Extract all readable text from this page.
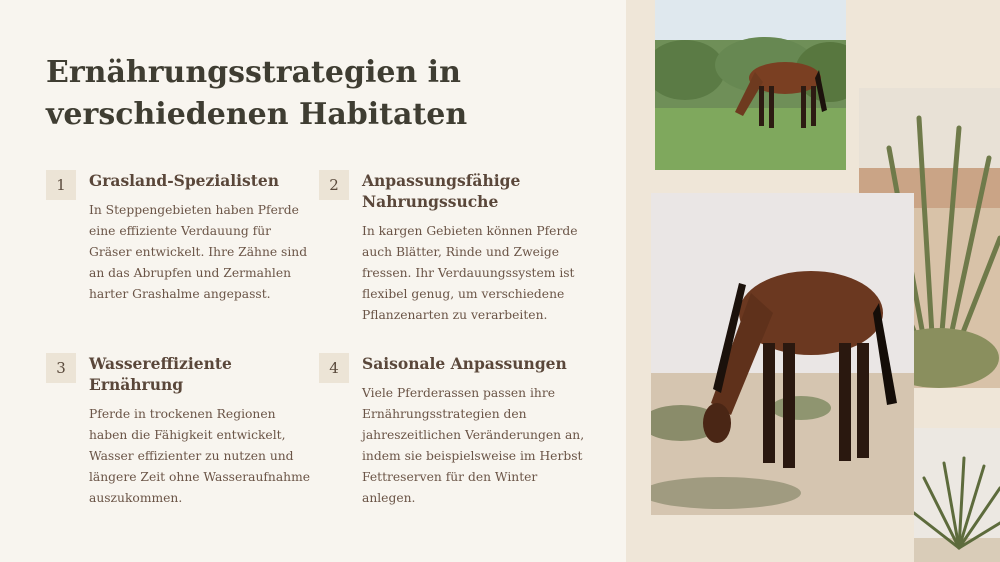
Ernährungsstrategien in verschiedenen Habitaten
1	Grasland-Spezialisten
In Steppengebieten haben Pferde eine effiziente Verdauung für Gräser entwickelt. Ihre Zähne sind an das Abrupfen und Zermahlen harter Grashalme angepasst.
2	Anpassungsfähige Nahrungssuche
In kargen Gebieten können Pferde auch Blätter, Rinde und Zweige fressen. Ihr Verdauungssystem ist flexibel genug, um verschiedene Pflanzenarten zu verarbeiten.
3	Wassereffiziente Ernährung
Pferde in trockenen Regionen haben die Fähigkeit entwickelt, Wasser effizienter zu nutzen und längere Zeit ohne Wasseraufnahme auszukommen.
4	Saisonale Anpassungen
Viele Pferderassen passen ihre Ernährungsstrategien den jahreszeitlichen Veränderungen an, indem sie beispielsweise im Herbst Fettreserven für den Winter anlegen.
